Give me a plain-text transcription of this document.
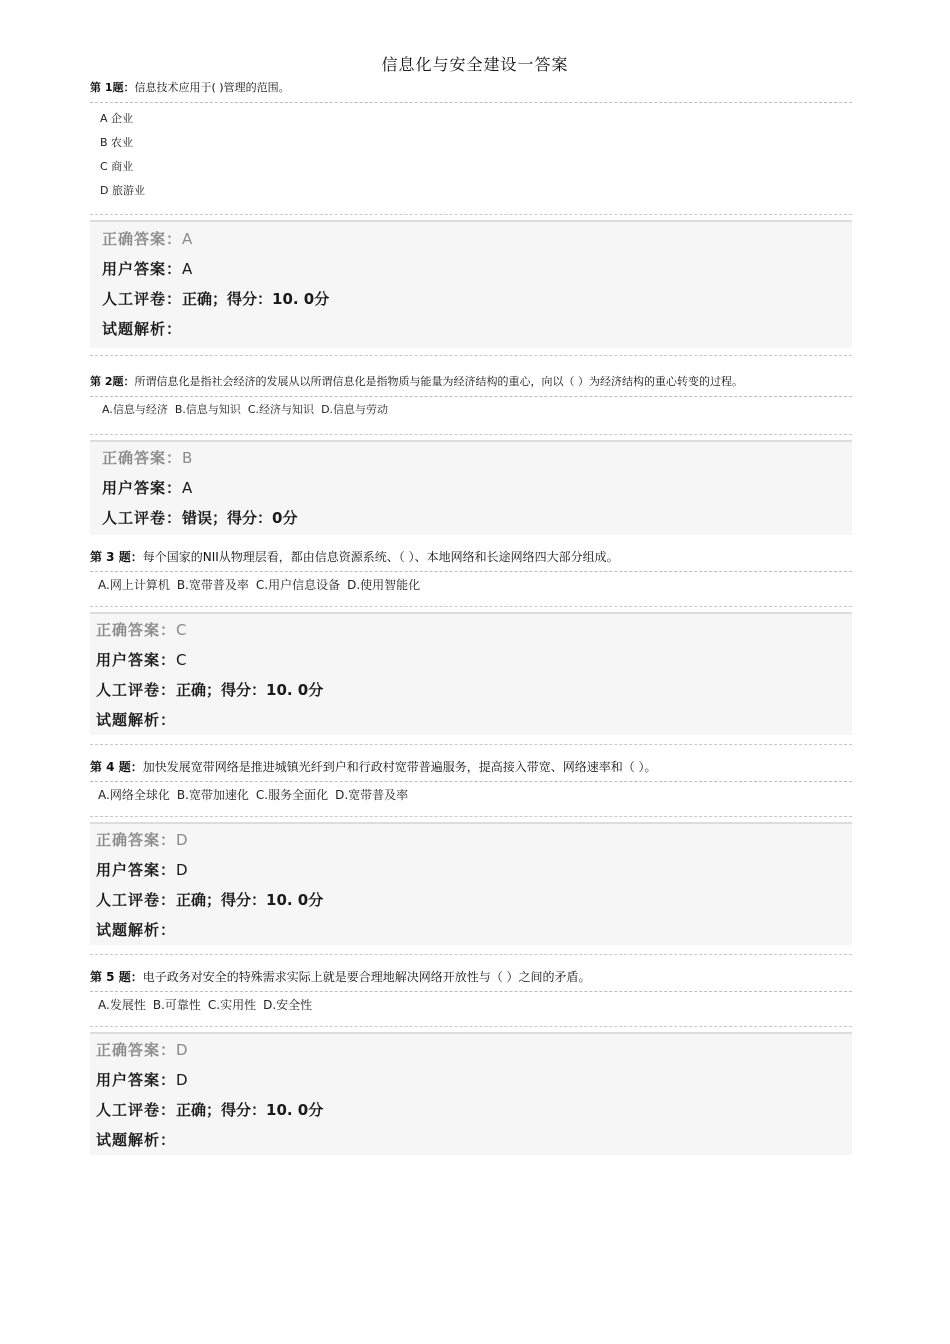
信息化与安全建设一答案
第 1题：信息技术应用于( )管理的范围。
A 企业
B 农业
C 商业
D 旅游业
正确答案：A
用户答案：A
人工评卷：正确；得分：10. 0分
试题解析：
第 2题：所谓信息化是指社会经济的发展从以所谓信息化是指物质与能量为经济结构的重心，向以（ ）为经济结构的重心转变的过程。
A.信息与经济 B.信息与知识 C.经济与知识 D.信息与劳动
正确答案：B
用户答案：A
人工评卷：错误；得分：0分
第 3 题：每个国家的NII从物理层看，都由信息资源系统、（ ）、本地网络和长途网络四大部分组成。
A.网上计算机 B.宽带普及率 C.用户信息设备 D.使用智能化
正确答案：C
用户答案：C
人工评卷：正确；得分：10. 0分
试题解析：
第 4 题：加快发展宽带网络是推进城镇光纤到户和行政村宽带普遍服务，提高接入带宽、网络速率和（ ）。
A.网络全球化 B.宽带加速化 C.服务全面化 D.宽带普及率
正确答案：D
用户答案：D
人工评卷：正确；得分：10. 0分
试题解析：
第 5 题：电子政务对安全的特殊需求实际上就是要合理地解决网络开放性与（ ）之间的矛盾。
A.发展性 B.可靠性 C.实用性 D.安全性
正确答案：D
用户答案：D
人工评卷：正确；得分：10. 0分
试题解析：
